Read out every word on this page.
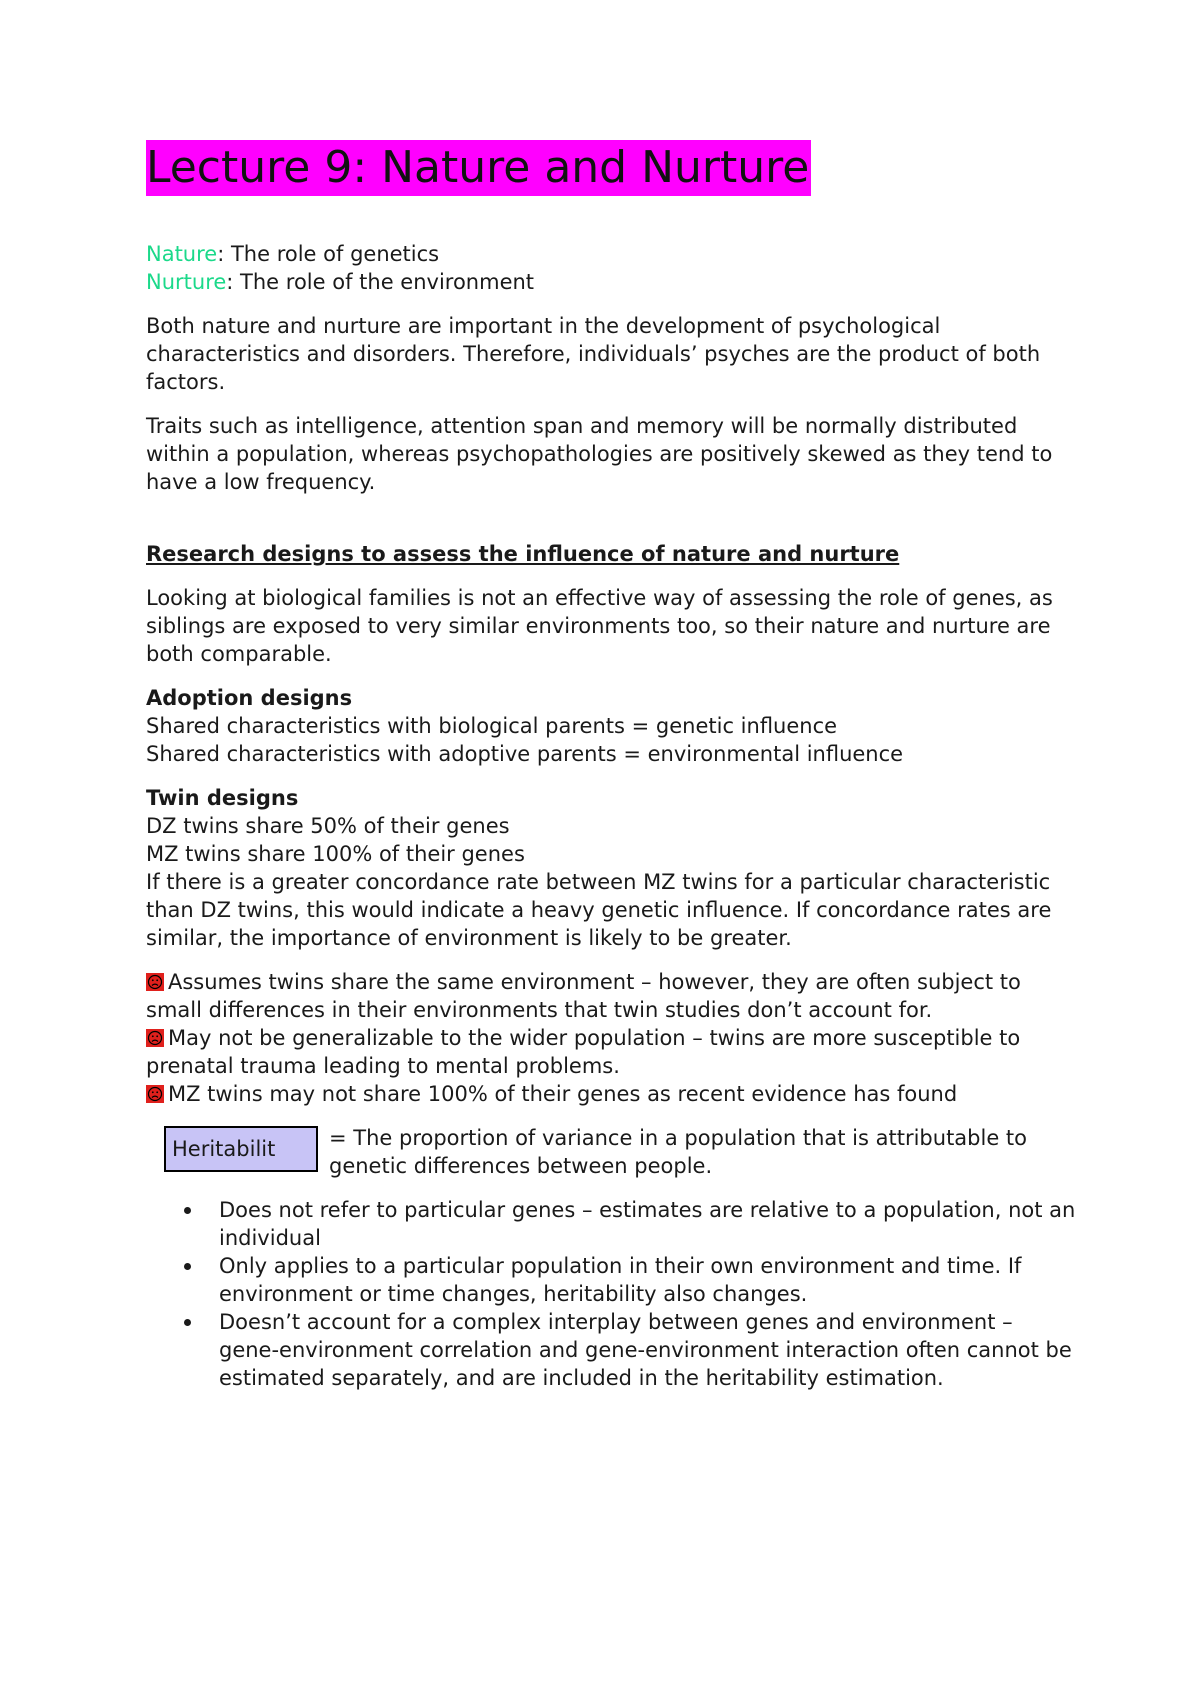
Lecture 9: Nature and Nurture

Nature: The role of genetics

Nurture: The role of the environment

Both nature and nurture are important in the development of psychological characteristics and disorders. Therefore, individuals’ psyches are the product of both factors.

Traits such as intelligence, attention span and memory will be normally distributed within a population, whereas psychopathologies are positively skewed as they tend to have a low frequency.

Research designs to assess the influence of nature and nurture

Looking at biological families is not an effective way of assessing the role of genes, as siblings are exposed to very similar environments too, so their nature and nurture are both comparable.

Adoption designs

Shared characteristics with biological parents = genetic influence

Shared characteristics with adoptive parents = environmental influence

Twin designs

DZ twins share 50% of their genes

MZ twins share 100% of their genes

If there is a greater concordance rate between MZ twins for a particular characteristic than DZ twins, this would indicate a heavy genetic influence. If concordance rates are similar, the importance of environment is likely to be greater.

Assumes twins share the same environment – however, they are often subject to small differences in their environments that twin studies don’t account for.

May not be generalizable to the wider population – twins are more susceptible to prenatal trauma leading to mental problems.

MZ twins may not share 100% of their genes as recent evidence has found

Heritabilit	= The proportion of variance in a population that is attributable to genetic differences between people.

Does not refer to particular genes – estimates are relative to a population, not an individual
Only applies to a particular population in their own environment and time. If environment or time changes, heritability also changes.
Doesn’t account for a complex interplay between genes and environment – gene-environment correlation and gene-environment interaction often cannot be estimated separately, and are included in the heritability estimation.
